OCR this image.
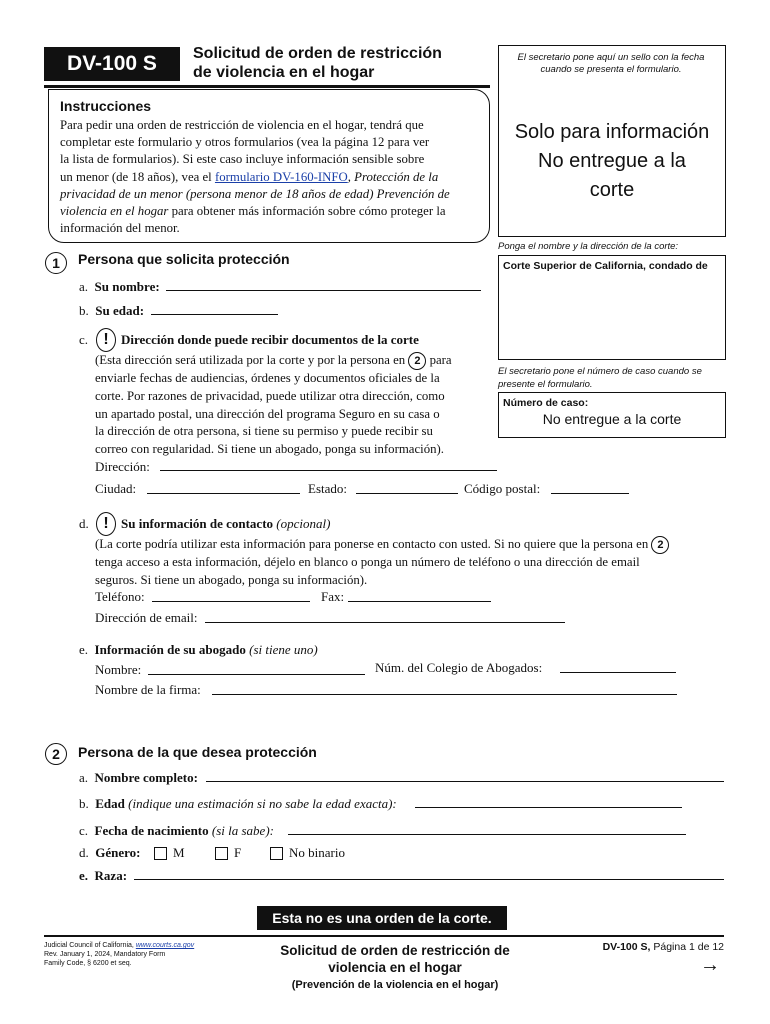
DV-100 S	Solicitud de orden de restricción
de violencia en el hogar
Instrucciones
Para pedir una orden de restricción de violencia en el hogar, tendrá que
completar este formulario y otros formularios (vea la página 12 para ver
la lista de formularios). Si este caso incluye información sensible sobre
un menor (de 18 años), vea el formulario DV-160-INFO, Protección de la
privacidad de un menor (persona menor de 18 años de edad) Prevención de
violencia en el hogar para obtener más información sobre cómo proteger la
información del menor.
El secretario pone aquí un sello con la fecha cuando se presenta el formulario.
Solo para información
No entregue a la
corte
Ponga el nombre y la dirección de la corte:
Corte Superior de California, condado de
El secretario pone el número de caso cuando se presente el formulario.
Número de caso:
No entregue a la corte
1	Persona que solicita protección
a. Su nombre:
b. Su edad:
c. ! Dirección donde puede recibir documentos de la corte
(Esta dirección será utilizada por la corte y por la persona en 2 para
enviarle fechas de audiencias, órdenes y documentos oficiales de la
corte. Por razones de privacidad, puede utilizar otra dirección, como
un apartado postal, una dirección del programa Seguro en su casa o
la dirección de otra persona, si tiene su permiso y puede recibir su
correo con regularidad. Si tiene un abogado, ponga su información).
Dirección:
Ciudad:	Estado:	Código postal:
d. ! Su información de contacto (opcional)
(La corte podría utilizar esta información para ponerse en contacto con usted. Si no quiere que la persona en 2
tenga acceso a esta información, déjelo en blanco o ponga un número de teléfono o una dirección de email
seguros. Si tiene un abogado, ponga su información).
Teléfono:	Fax:
Dirección de email:
e. Información de su abogado (si tiene uno)
Nombre:	Núm. del Colegio de Abogados:
Nombre de la firma:
2	Persona de la que desea protección
a. Nombre completo:
b. Edad (indique una estimación si no sabe la edad exacta):
c. Fecha de nacimiento (si la sabe):
d. Género:	M	F	No binario
e. Raza:
Esta no es una orden de la corte.
Judicial Council of California, www.courts.ca.gov
Rev. January 1, 2024, Mandatory Form
Family Code, § 6200 et seq.
Solicitud de orden de restricción de
violencia en el hogar
(Prevención de la violencia en el hogar)
DV-100 S, Página 1 de 12
→
